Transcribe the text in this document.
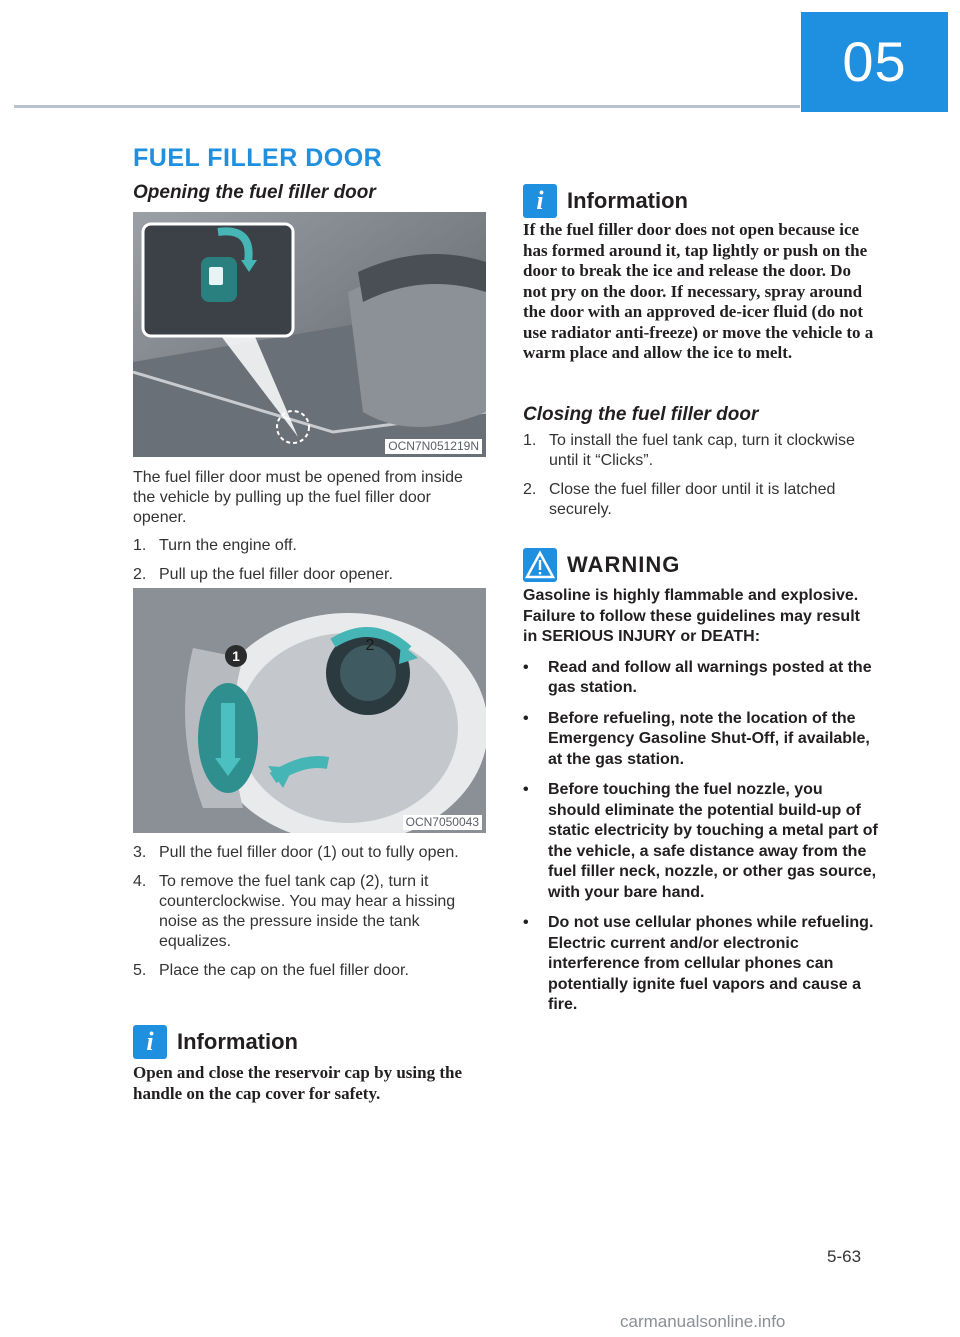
05
FUEL FILLER DOOR
Opening the fuel filler door
OCN7N051219N
The fuel filler door must be opened from inside the vehicle by pulling up the fuel filler door opener.
1. Turn the engine off.
2. Pull up the fuel filler door opener.
1
2
OCN7050043
3. Pull the fuel filler door (1) out to fully open.
4. To remove the fuel tank cap (2), turn it counterclockwise. You may hear a hissing noise as the pressure inside the tank equalizes.
5. Place the cap on the fuel filler door.
i	Information
Open and close the reservoir cap by using the handle on the cap cover for safety.
i	Information
If the fuel filler door does not open because ice has formed around it, tap lightly or push on the door to break the ice and release the door. Do not pry on the door. If necessary, spray around the door with an approved de-icer fluid (do not use radiator anti-freeze) or move the vehicle to a warm place and allow the ice to melt.
Closing the fuel filler door
1. To install the fuel tank cap, turn it clockwise until it “Clicks”.
2. Close the fuel filler door until it is latched securely.
WARNING
Gasoline is highly flammable and explosive. Failure to follow these guidelines may result in SERIOUS INJURY or DEATH:
•	Read and follow all warnings posted at the gas station.
•	Before refueling, note the location of the Emergency Gasoline Shut-Off, if available, at the gas station.
•	Before touching the fuel nozzle, you should eliminate the potential build-up of static electricity by touching a metal part of the vehicle, a safe distance away from the fuel filler neck, nozzle, or other gas source, with your bare hand.
•	Do not use cellular phones while refueling. Electric current and/or electronic interference from cellular phones can potentially ignite fuel vapors and cause a fire.
5-63
carmanualsonline.info
